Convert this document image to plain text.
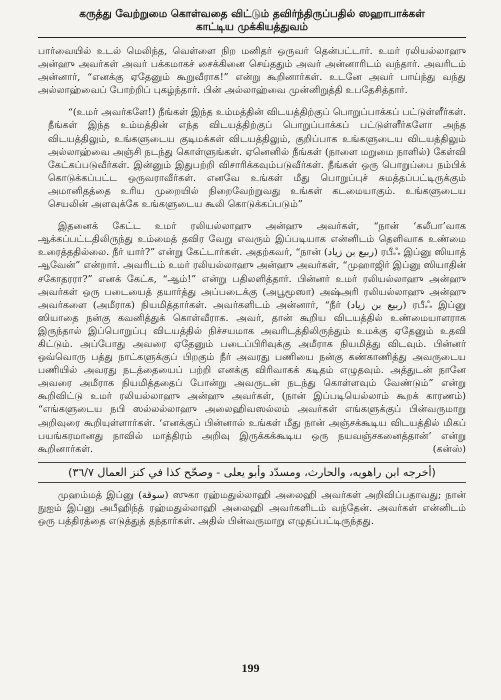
கருத்து வேற்றுமை கொள்வதை விட்டும் தவிர்ந்திருப்பதில் ஸஹாபாக்கள்
காட்டிய முக்கியத்துவம்

பார்வையில் உடல் மெலிந்த, வெள்ளை நிற மனிதர் ஒருவர் தென்பட்டார். உமர் ரலியல்லாஹு அன்ஹு அவர்கள் அவர் பக்கமாகச் சைக்கினை செய்ததும் அவர் அன்னாரிடம் வந்தார். அவரிடம் அன்னார், “எனக்கு ஏதேனும் கூறுவீராக!” என்று கூறினார்கள். உடனே அவர் பாய்ந்து வந்து அல்லாஹ்வைப் போற்றிப் புகழ்ந்தார். பின் அல்லாஹ்வை முன்னிறுத்தி உபதேசித்தார்.

“(உமர் அவர்களே!) நீங்கள் இந்த உம்மத்தின் விடயத்திற்குப் பொறுப்பாக்கப் பட்டுள்ளீர்கள். நீங்கள் இந்த உம்மத்தின் எந்த விடயத்திற்குப் பொறுப்பாக்கப் பட்டுள்ளீர்களோ அந்த விடயத்திலும், உங்களுடைய குடிமக்கள் விடயத்திலும், குறிப்பாக உங்களுடைய விடயத்திலும் அல்லாஹ்வை அஞ்சி நடந்து கொள்ளுங்கள். ஏனெனில் நீங்கள் (நாளை மறுமை நாளில்) கேள்வி கேட்கப்படுவீர்கள். இன்னும் இதுபற்றி விசாரிக்கவும்படுவீர்கள். நீங்கள் ஒரு பொறுப்பை நம்பிக் கொடுக்கப்பட்ட ஒருவராவீர்கள். எனவே உங்கள் மீது பொறுப்புச் சுமத்தப்பட்டிருக்கும் அமானிதத்தை உரிய முறையில் நிறைவேற்றுவது உங்கள் கடமையாகும். உங்களுடைய செயலின் அளவுக்கே உங்களுடைய கூலி கொடுக்கப்படும்”

இதனைக் கேட்ட உமர் ரலியல்லாஹு அன்ஹு அவர்கள், “நான் ‘கலீபா’வாக ஆக்கப்பட்டதிலிருந்து உம்மைத் தவிர வேறு எவரும் இப்படியாக என்னிடம் தெளிவாக உண்மை உரைத்ததில்லை. நீர் யார்?” என்று கேட்டார்கள். அதற்கவர், “நான் (ربيع بن زياد) ரபீஃ இப்னு ஸியாத் ஆவேன்” என்றார். அவரிடம் உமர் ரலியல்லாஹு அன்ஹு அவர்கள், “முஹாஜிர் இப்னு ஸியாதின் சகோதரரா?” எனக் கேட்க, “ஆம்!” என்று பதிலளித்தார். பின்னர் உமர் ரலியல்லாஹு அன்ஹு அவர்கள் ஒரு படையைத் தயார்த்து அப்படைக்கு (அபூமூஸா) அஷ்அரி ரலியல்லாஹு அன்ஹு அவர்களை (அமீராக) நியமித்தார்கள். அவர்களிடம் அன்னார், “நீர் (ربيع بن زياد) ரபீஃ இப்னு ஸியாதை நன்கு கவனித்துக் கொள்வீராக. அவர், தான் கூறிய விடயத்தில் உண்மையாளராக இருந்தால் இப்பொறுப்பு விடயத்தில் நிச்சயமாக அவரிடத்திலிருந்தும் உமக்கு ஏதேனும் உதவி கிட்டும். அப்போது அவரை ஏதேனும் படைப்பிரிவுக்கு அமீராக நியமித்து விடவும். பின்னர் ஒவ்வொரு பத்து நாட்களுக்குப் பிறகும் நீர் அவரது பணியை நன்கு கண்காணித்து அவருடைய பணியில் அவரது நடத்தையைப் பற்றி எனக்கு விரிவாகக் கடிதம் எழுதவும். அத்துடன் நானே அவரை அமீராக நியமித்ததைப் போன்று அவருடன் நடந்து கொள்ளவும் வேண்டும்” என்று கூறிவிட்டு உமர் ரலியல்லாஹு அன்ஹு அவர்கள், (நான் இப்படியெல்லாம் கூறக் காரணம்) “எங்களுடைய நபி ஸல்லல்லாஹு அலைஹிவஸல்லம் அவர்கள் எங்களுக்குப் பின்வருமாறு அறிவுரை கூறியுள்ளார்கள். ‘எனக்குப் பின்னால் உங்கள் மீது நான் அஞ்சக்கூடிய விடயத்தில் மிகப் பயங்கரமானது நாவில் மாத்திரம் அறிவு இருக்கக்கூடிய ஒரு நயவஞ்சகனைத்தான்’ என்று கூறினார்கள்.	(கன்ஸ்)
(أخرجه ابن راهويه، والحارث، ومسدّد وأبو يعلى - وصحّح كذا في كنز العمال ٣٦/٧)

முஹம்மத் இப்னு (سوقة) ஸுகா ரஹ்மதுல்லாஹி அலைஹி அவர்கள் அறிவிப்பதாவது; நான் நுஐம் இப்னு அபீஹிந்த் ரஹ்மதுல்லாஹி அலைஹி அவர்களிடம் வந்தேன். அவர்கள் என்னிடம் ஒரு பத்திரத்தை எடுத்துத் தந்தார்கள். அதில் பின்வருமாறு எழுதப்பட்டிருந்தது.

199
